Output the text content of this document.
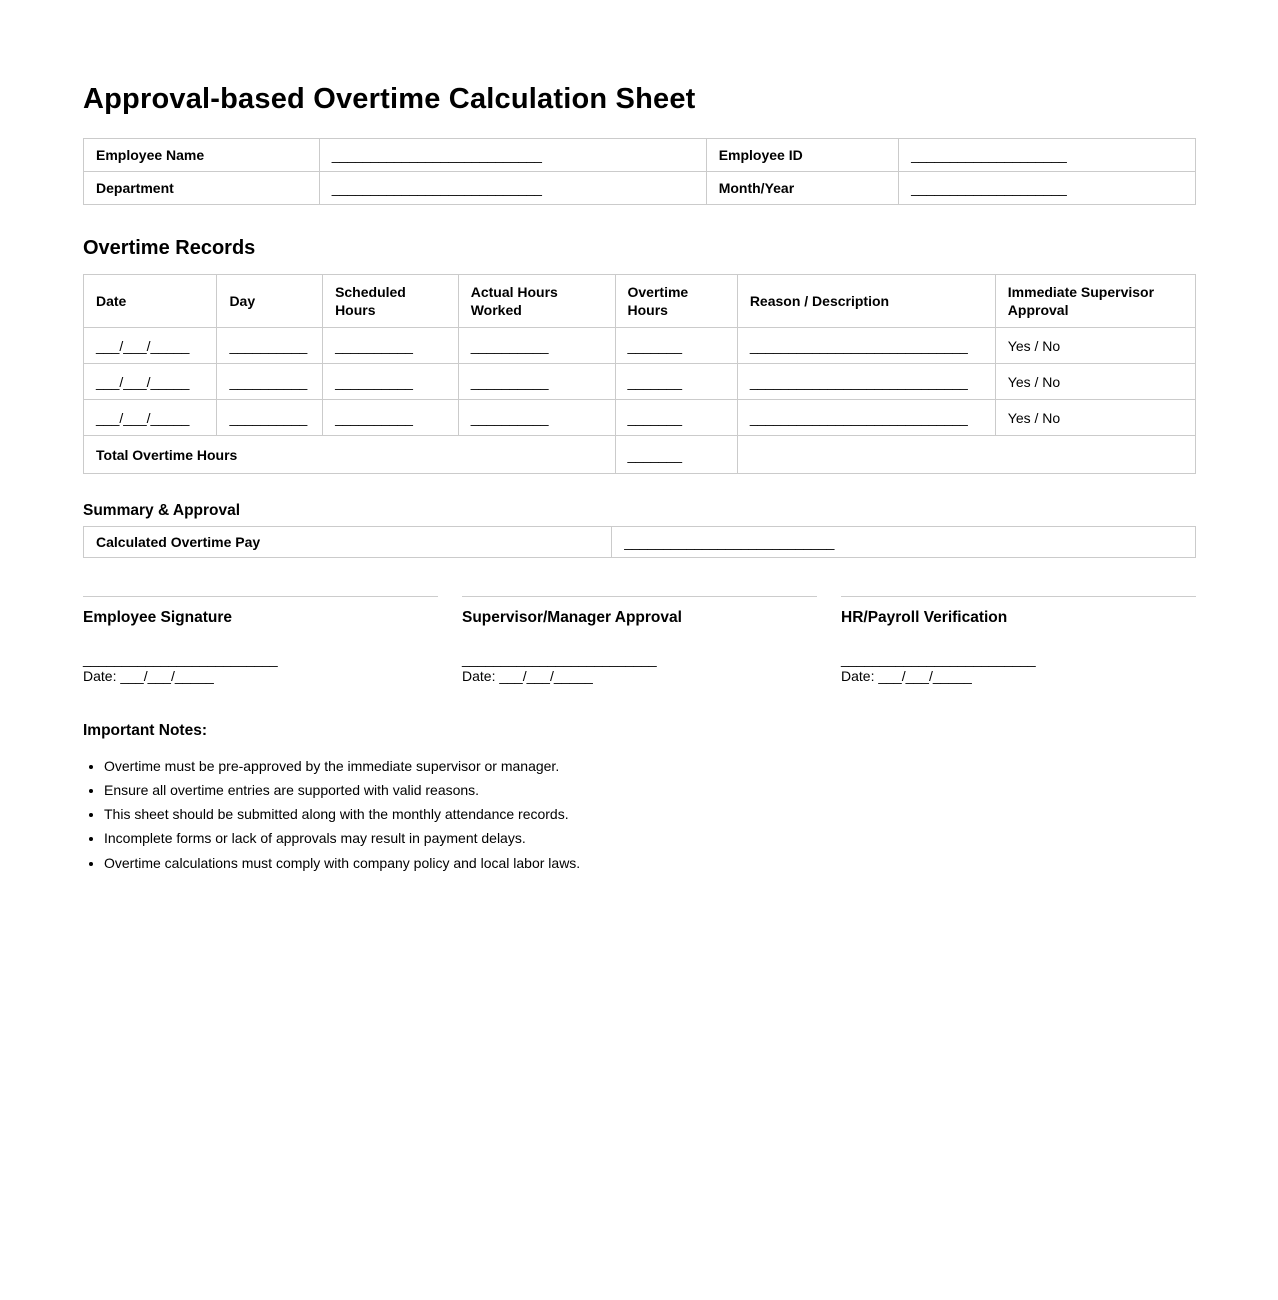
Approval-based Overtime Calculation Sheet
Employee Name	___________________________	Employee ID	____________________
Department	___________________________	Month/Year	____________________
Overtime Records
Date	Day	Scheduled Hours	Actual Hours Worked	Overtime Hours	Reason / Description	Immediate Supervisor Approval
___/___/_____	__________	__________	__________	_______	____________________________	Yes / No
___/___/_____	__________	__________	__________	_______	____________________________	Yes / No
___/___/_____	__________	__________	__________	_______	____________________________	Yes / No
Total Overtime Hours				_______		
Summary & Approval
Calculated Overtime Pay	___________________________

Employee Signature

_________________________
Date: ___/___/_____

Supervisor/Manager Approval

_________________________
Date: ___/___/_____

HR/Payroll Verification

_________________________
Date: ___/___/_____
Important Notes:
• Overtime must be pre-approved by the immediate supervisor or manager.
• Ensure all overtime entries are supported with valid reasons.
• This sheet should be submitted along with the monthly attendance records.
• Incomplete forms or lack of approvals may result in payment delays.
• Overtime calculations must comply with company policy and local labor laws.
